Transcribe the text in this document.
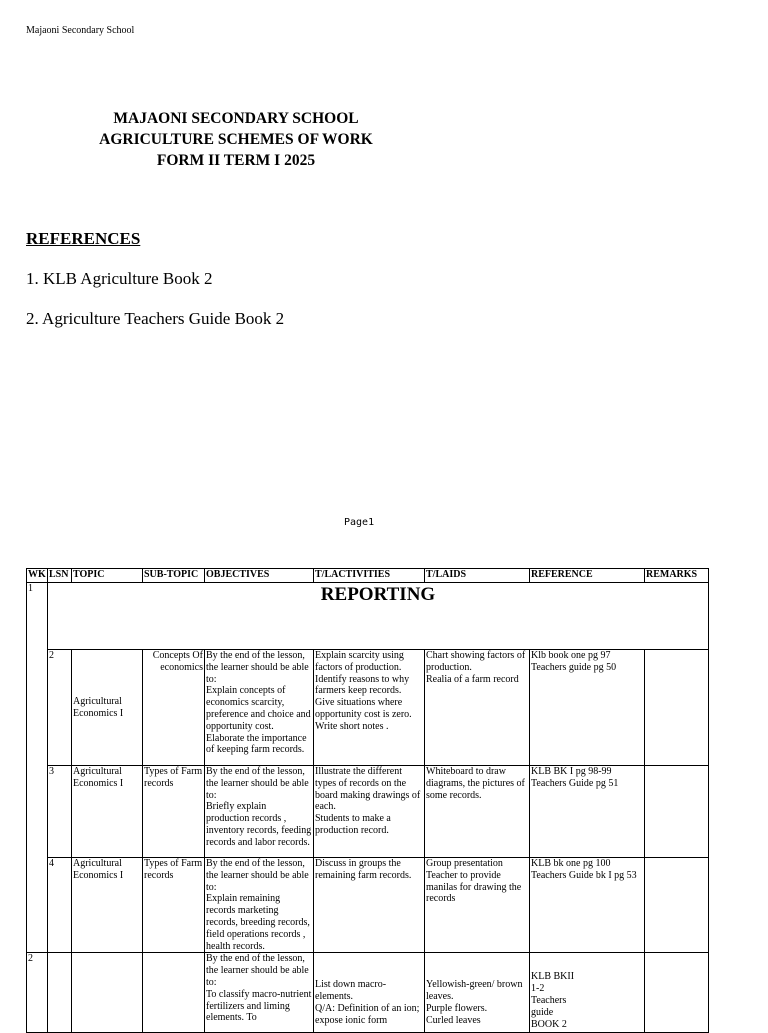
Majaoni Secondary School
MAJAONI SECONDARY SCHOOL
AGRICULTURE SCHEMES OF WORK
FORM II TERM I 2025
REFERENCES
1. KLB Agriculture Book 2
2. Agriculture Teachers Guide Book 2
Page1
WK	LSN	TOPIC	SUB-TOPIC	OBJECTIVES	T/LACTIVITIES	T/LAIDS	REFERENCE	REMARKS
1	REPORTING							
	2	Agricultural Economics I	Concepts Of economics	By the end of the lesson, the learner should be able to:
Explain concepts of economics scarcity, preference and choice and opportunity cost.
Elaborate the importance of keeping farm records.	Explain scarcity using factors of production.
Identify reasons to why farmers keep records.
Give situations where opportunity cost is zero.
Write short notes .	Chart showing factors of production.
Realia of a farm record	Klb book one pg 97
Teachers guide pg 50	

	3	Agricultural Economics I	Types of Farm records	By the end of the lesson, the learner should be able to:
Briefly explain production records , inventory records, feeding records and labor records.	Illustrate the different types of records on the board making drawings of each.
Students to make a production record.	Whiteboard to draw diagrams, the pictures of some records.	KLB BK I pg 98-99
Teachers Guide pg 51	

	4	Agricultural Economics I	Types of Farm records	By the end of the lesson, the learner should be able to:
Explain remaining records marketing records, breeding records, field operations records , health records.	Discuss in groups the remaining farm records.	Group presentation
Teacher to provide manilas for drawing the records	KLB bk one pg 100
Teachers Guide bk I pg 53	

2				By the end of the lesson, the learner should be able to:
To classify macro-nutrient fertilizers and liming elements. To	List down macro-elements.
Q/A: Definition of an ion; expose ionic form	Yellowish-green/ brown leaves.
Purple flowers.
Curled leaves	KLB BKII
1-2
Teachers
guide
BOOK 2	
